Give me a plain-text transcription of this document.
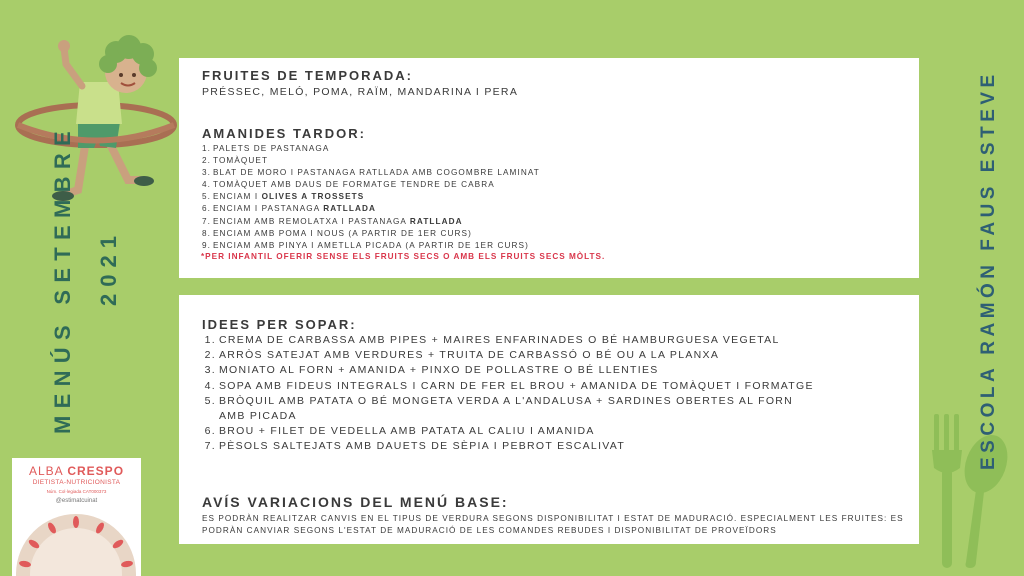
MENÚS SETEMBRE 2021	ESCOLA RAMÓN FAUS ESTEVE
ALBA CRESPO
DIETISTA-NUTRICIONISTA
Núm. Col·legiada CAT000373
@estimatcuinat
FRUITES DE TEMPORADA:
PRÉSSEC, MELÓ, POMA, RAÏM, MANDARINA I PERA
AMANIDES TARDOR:
1. PALETS DE PASTANAGA
2. TOMÀQUET
3. BLAT DE MORO I PASTANAGA RATLLADA AMB COGOMBRE LAMINAT
4. TOMÀQUET AMB DAUS DE FORMATGE TENDRE DE CABRA
5. ENCIAM I OLIVES A TROSSETS
6. ENCIAM I PASTANAGA RATLLADA
7. ENCIAM AMB REMOLATXA I PASTANAGA RATLLADA
8. ENCIAM AMB POMA I NOUS (A PARTIR DE 1ER CURS)
9. ENCIAM AMB PINYA I AMETLLA PICADA (A PARTIR DE 1ER CURS)
*PER INFANTIL OFERIR SENSE ELS FRUITS SECS O AMB ELS FRUITS SECS MÒLTS.
IDEES PER SOPAR:
1. CREMA DE CARBASSA AMB PIPES + MAIRES ENFARINADES O BÉ HAMBURGUESA VEGETAL
2. ARRÒS SATEJAT AMB VERDURES + TRUITA DE CARBASSÓ O BÉ OU A LA PLANXA
3. MONIATO AL FORN + AMANIDA + PINXO DE POLLASTRE O BÉ LLENTIES
4. SOPA AMB FIDEUS INTEGRALS I CARN DE FER EL BROU + AMANIDA DE TOMÀQUET I FORMATGE
5. BRÒQUIL AMB PATATA O BÉ MONGETA VERDA A L'ANDALUSA + SARDINES OBERTES AL FORN
AMB PICADA
6. BROU + FILET DE VEDELLA AMB PATATA AL CALIU I AMANIDA
7. PÈSOLS SALTEJATS AMB DAUETS DE SÈPIA I PEBROT ESCALIVAT
AVÍS VARIACIONS DEL MENÚ BASE:
ES PODRÀN REALITZAR CANVIS EN EL TIPUS DE VERDURA SEGONS DISPONIBILITAT I ESTAT DE MADURACIÓ. ESPECIALMENT LES FRUITES: ES
PODRÀN CANVIAR SEGONS L'ESTAT DE MADURACIÓ DE LES COMANDES REBUDES I DISPONIBILITAT DE PROVEÏDORS
